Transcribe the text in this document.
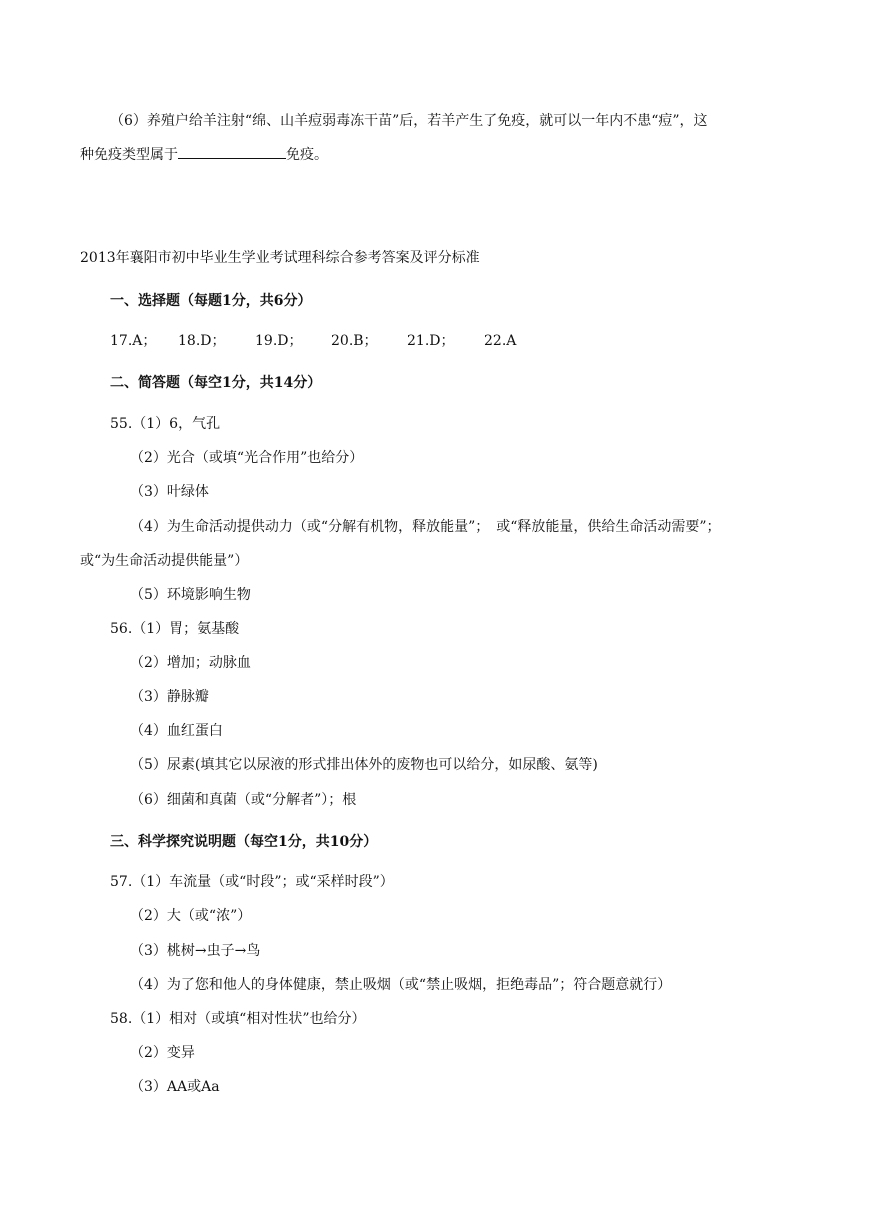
（6）养殖户给羊注射“绵、山羊痘弱毒冻干苗”后，若羊产生了免疫，就可以一年内不患“痘”，这
种免疫类型属于	免疫。
2013年襄阳市初中毕业生学业考试理科综合参考答案及评分标准
一、选择题（每题1分，共6分）
17.A； 18.D； 19.D； 20.B； 21.D； 22.A
二、简答题（每空1分，共14分）
55.（1）6，气孔
（2）光合（或填“光合作用”也给分）
（3）叶绿体
（4）为生命活动提供动力（或“分解有机物，释放能量”；　或“释放能量，供给生命活动需要”；
或“为生命活动提供能量”）
（5）环境影响生物
56.（1）胃；氨基酸
（2）增加；动脉血
（3）静脉瓣
（4）血红蛋白
（5）尿素(填其它以尿液的形式排出体外的废物也可以给分，如尿酸、氨等)
（6）细菌和真菌（或“分解者”）；根
三、科学探究说明题（每空1分，共10分）
57.（1）车流量（或“时段”；或“采样时段”）
（2）大（或“浓”）
（3）桃树→虫子→鸟
（4）为了您和他人的身体健康，禁止吸烟（或“禁止吸烟，拒绝毒品”；符合题意就行）
58.（1）相对（或填“相对性状”也给分）
（2）变异
（3）AA或Aa
